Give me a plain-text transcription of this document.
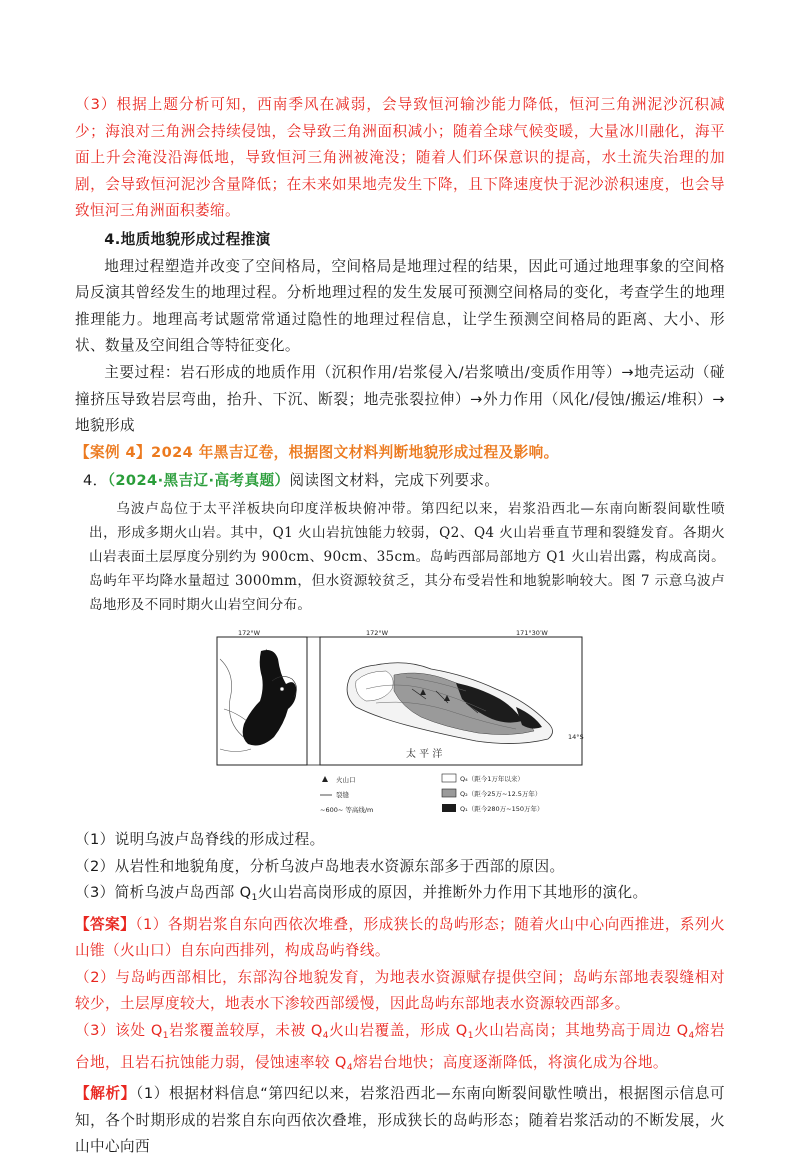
（3）根据上题分析可知，西南季风在减弱，会导致恒河输沙能力降低，恒河三角洲泥沙沉积减少；海浪对三角洲会持续侵蚀，会导致三角洲面积减小；随着全球气候变暖，大量冰川融化，海平面上升会淹没沿海低地，导致恒河三角洲被淹没；随着人们环保意识的提高，水土流失治理的加剧，会导致恒河泥沙含量降低；在未来如果地壳发生下降，且下降速度快于泥沙淤积速度，也会导致恒河三角洲面积萎缩。

4.地质地貌形成过程推演

地理过程塑造并改变了空间格局，空间格局是地理过程的结果，因此可通过地理事象的空间格局反演其曾经发生的地理过程。分析地理过程的发生发展可预测空间格局的变化，考查学生的地理推理能力。地理高考试题常常通过隐性的地理过程信息，让学生预测空间格局的距离、大小、形状、数量及空间组合等特征变化。

主要过程：岩石形成的地质作用（沉积作用/岩浆侵入/岩浆喷出/变质作用等）→地壳运动（碰撞挤压导致岩层弯曲，抬升、下沉、断裂；地壳张裂拉伸）→外力作用（风化/侵蚀/搬运/堆积）→地貌形成

【案例 4】2024 年黑吉辽卷，根据图文材料判断地貌形成过程及影响。

4．（2024·黑吉辽·高考真题）阅读图文材料，完成下列要求。

乌波卢岛位于太平洋板块向印度洋板块俯冲带。第四纪以来，岩浆沿西北—东南向断裂间歇性喷出，形成多期火山岩。其中，Q1 火山岩抗蚀能力较弱，Q2、Q4 火山岩垂直节理和裂缝发育。各期火山岩表面土层厚度分别约为 900cm、90cm、35cm。岛屿西部局部地方 Q1 火山岩出露，构成高岗。岛屿年平均降水量超过 3000mm，但水资源较贫乏，其分布受岩性和地貌影响较大。图 7 示意乌波卢岛地形及不同时期火山岩空间分布。

172°W	172°W	171°30′W
14°S
太 平 洋
火山口
裂缝
~600~ 等高线/m
Q₄（距今1万年以来）
Q₂（距今25万~12.5万年）
Q₁（距今280万~150万年）

（1）说明乌波卢岛脊线的形成过程。

（2）从岩性和地貌角度，分析乌波卢岛地表水资源东部多于西部的原因。

（3）简析乌波卢岛西部 $Q_1$火山岩高岗形成的原因，并推断外力作用下其地形的演化。

【答案】（1）各期岩浆自东向西依次堆叠，形成狭长的岛屿形态；随着火山中心向西推进，系列火山锥（火山口）自东向西排列，构成岛屿脊线。

（2）与岛屿西部相比，东部沟谷地貌发育，为地表水资源赋存提供空间；岛屿东部地表裂缝相对较少，土层厚度较大，地表水下渗较西部缓慢，因此岛屿东部地表水资源较西部多。

（3）该处 $Q_1$岩浆覆盖较厚，未被 $Q_4$火山岩覆盖，形成 $Q_1$火山岩高岗；其地势高于周边 $Q_4$熔岩台地，且岩石抗蚀能力弱，侵蚀速率较 $Q_4$熔岩台地快；高度逐渐降低，将演化成为谷地。

【解析】（1）根据材料信息“第四纪以来，岩浆沿西北—东南向断裂间歇性喷出，根据图示信息可知，各个时期形成的岩浆自东向西依次叠堆，形成狭长的岛屿形态；随着岩浆活动的不断发展，火山中心向西
